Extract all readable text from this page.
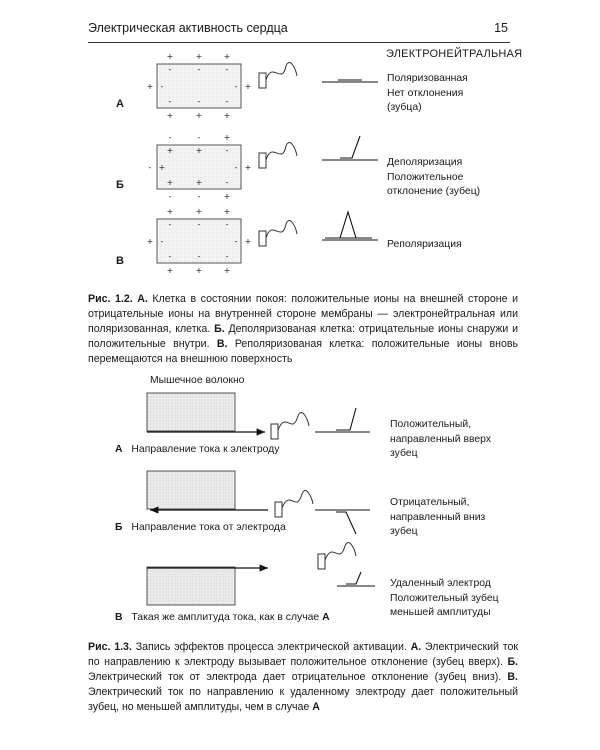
Электрическая активность сердца	15
+	+	+
-	-	-
-	-	-
+	+	+
+ -	- +
-	-	+
+	+	-
+	+	-
-	-	+
- +	- +
+	+	+
-	-	-
-	-	-
+	+	+
+ -	- +
ЭЛЕКТРОНЕЙТРАЛЬНАЯ
А
Б
В
Поляризованная
Нет отклонения
(зубца)
Деполяризация
Положительное
отклонение (зубец)
Реполяризация
Рис. 1.2. А. Клетка в состоянии покоя: положительные ионы на внешней стороне и отрицательные ионы на внутренней стороне мембраны — электронейтральная или поляризованная, клетка. Б. Деполяризованая клетка: отрицательные ионы снаружи и положительные внутри. В. Реполяризованая клетка: положительные ионы вновь перемещаются на внешнюю поверхность
Мышечное волокно
А Направление тока к электроду
Б Направление тока от электрода
В Такая же амплитуда тока, как в случае А
Положительный,
направленный вверх
зубец
Отрицательный,
направленный вниз
зубец
Удаленный электрод
Положительный зубец
меньшей амплитуды
Рис. 1.3. Запись эффектов процесса электрической активации. А. Электрический ток по направлению к электроду вызывает положительное отклонение (зубец вверх). Б. Электрический ток от электрода дает отрицательное отклонение (зубец вниз). В. Электрический ток по направлению к удаленному электроду дает положительный зубец, но меньшей амплитуды, чем в случае А
